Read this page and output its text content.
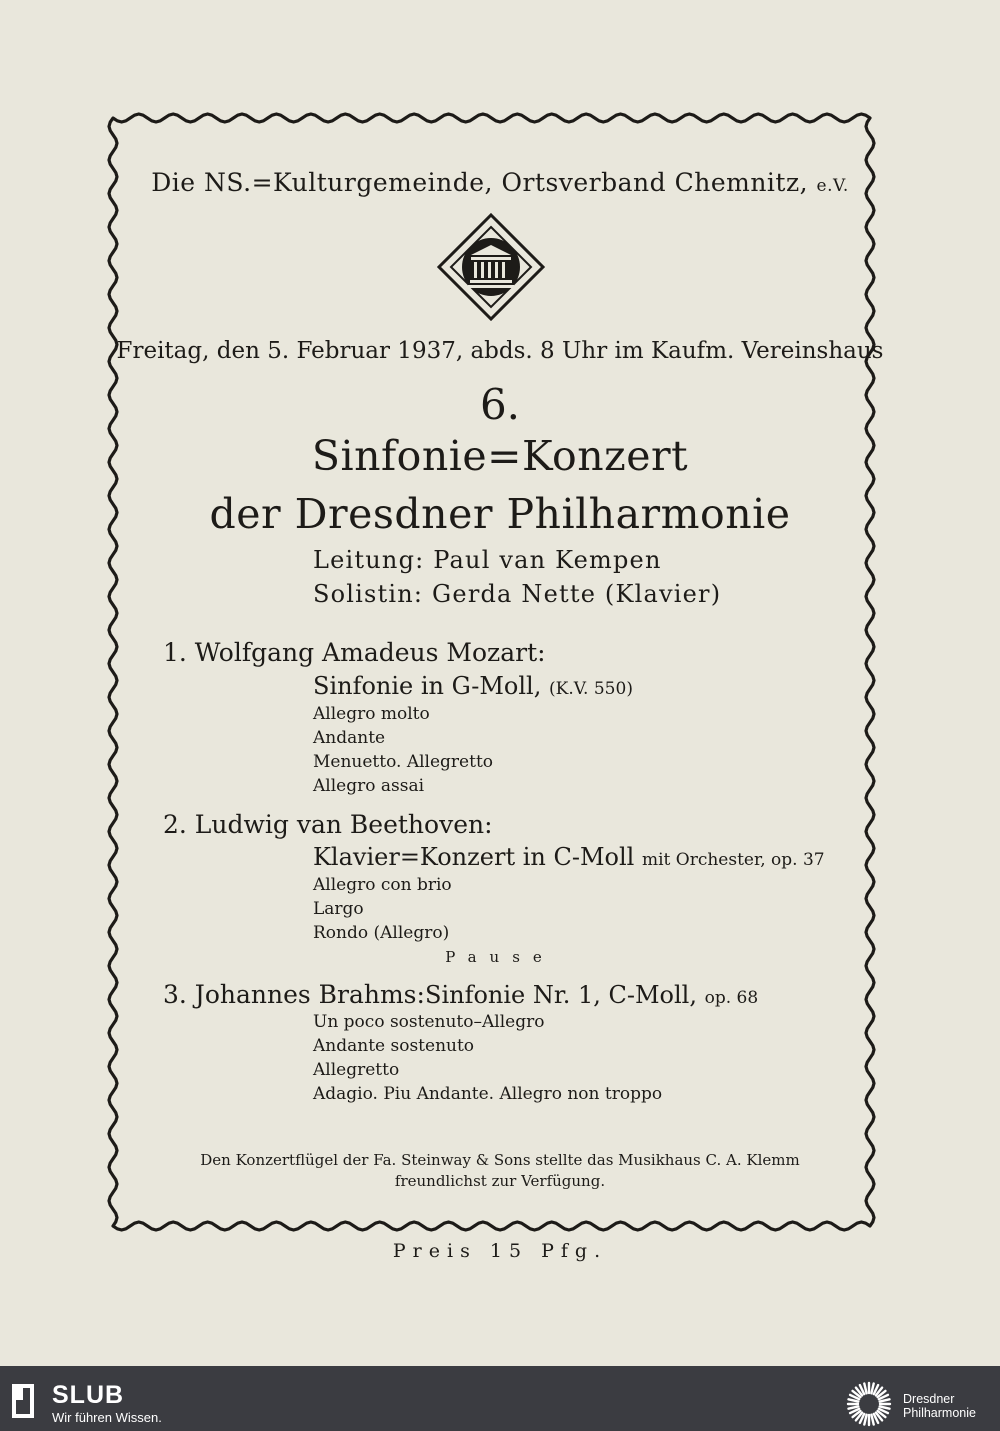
Die NS.=Kulturgemeinde, Ortsverband Chemnitz, e.V.
Freitag, den 5. Februar 1937, abds. 8 Uhr im Kaufm. Vereinshaus
6.
Sinfonie=Konzert
der Dresdner Philharmonie
Leitung: Paul van Kempen
Solistin: Gerda Nette (Klavier)
1. Wolfgang Amadeus Mozart:
Sinfonie in G-Moll, (K.V. 550)
Allegro molto
Andante
Menuetto. Allegretto
Allegro assai
2. Ludwig van Beethoven:
Klavier=Konzert in C-Moll mit Orchester, op. 37
Allegro con brio
Largo
Rondo (Allegro)
Pause
3. Johannes Brahms: Sinfonie Nr. 1, C-Moll, op. 68
Un poco sostenuto–Allegro
Andante sostenuto
Allegretto
Adagio. Piu Andante. Allegro non troppo
Den Konzertflügel der Fa. Steinway & Sons stellte das Musikhaus C. A. Klemm
freundlichst zur Verfügung.
Preis 15 Pfg.
SLUB
Wir führen Wissen.
Dresdner
Philharmonie
